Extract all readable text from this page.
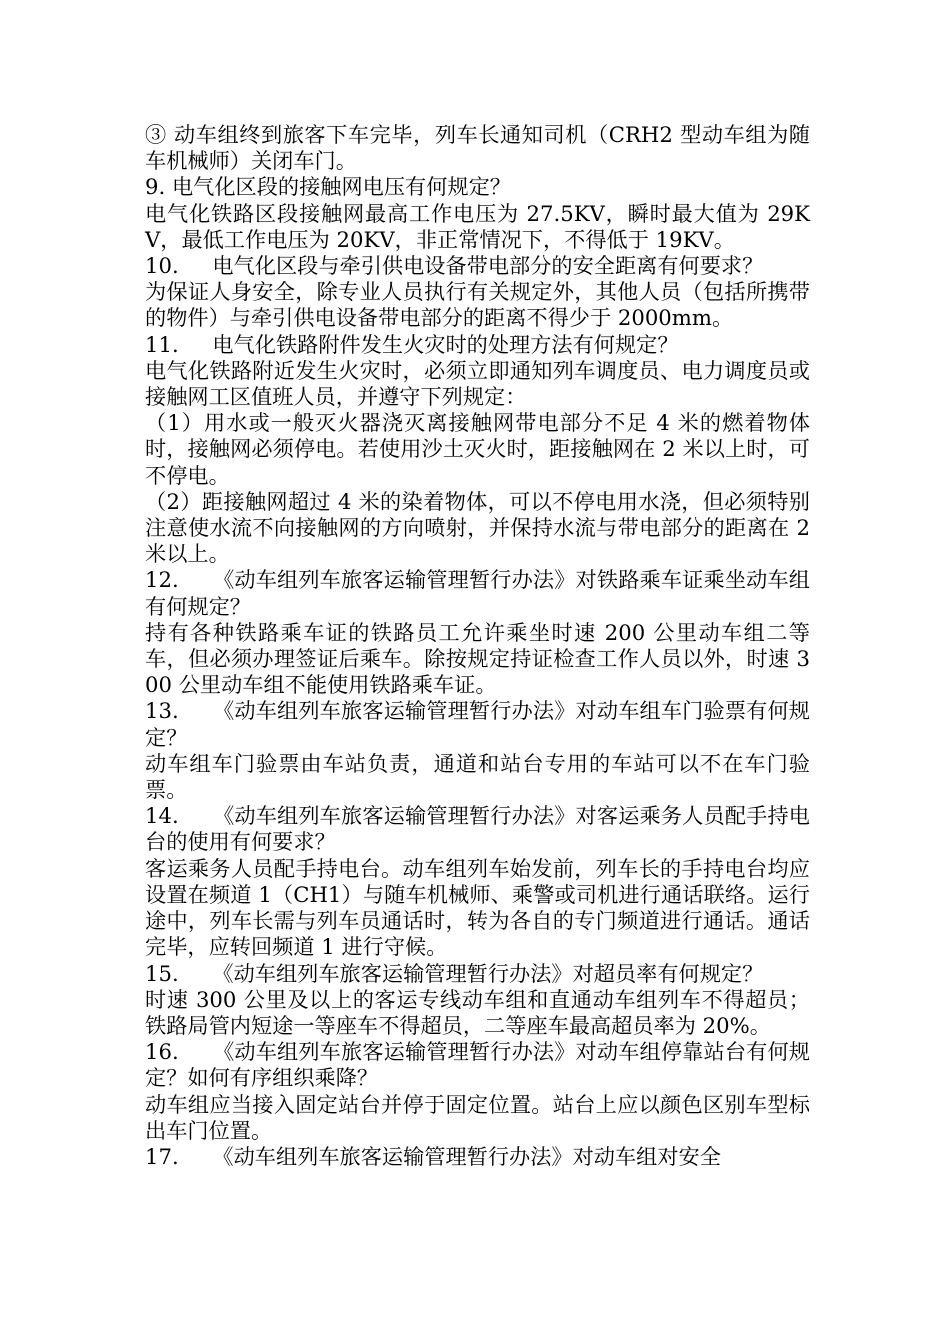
③ 动车组终到旅客下车完毕，列车长通知司机（CRH2 型动车组为随车机械师）关闭车门。

9. 电气化区段的接触网电压有何规定？

电气化铁路区段接触网最高工作电压为 27.5KV，瞬时最大值为 29KV，最低工作电压为 20KV，非正常情况下，不得低于 19KV。

10. 电气化区段与牵引供电设备带电部分的安全距离有何要求？

为保证人身安全，除专业人员执行有关规定外，其他人员（包括所携带的物件）与牵引供电设备带电部分的距离不得少于 2000mm。

11. 电气化铁路附件发生火灾时的处理方法有何规定？

电气化铁路附近发生火灾时，必须立即通知列车调度员、电力调度员或接触网工区值班人员，并遵守下列规定：

（1）用水或一般灭火器浇灭离接触网带电部分不足 4 米的燃着物体时，接触网必须停电。若使用沙土灭火时，距接触网在 2 米以上时，可不停电。

（2）距接触网超过 4 米的染着物体，可以不停电用水浇，但必须特别注意使水流不向接触网的方向喷射，并保持水流与带电部分的距离在 2 米以上。

12. 《动车组列车旅客运输管理暂行办法》对铁路乘车证乘坐动车组有何规定？

持有各种铁路乘车证的铁路员工允许乘坐时速 200 公里动车组二等车，但必须办理签证后乘车。除按规定持证检查工作人员以外，时速 300 公里动车组不能使用铁路乘车证。

13. 《动车组列车旅客运输管理暂行办法》对动车组车门验票有何规定？

动车组车门验票由车站负责，通道和站台专用的车站可以不在车门验票。

14. 《动车组列车旅客运输管理暂行办法》对客运乘务人员配手持电台的使用有何要求？

客运乘务人员配手持电台。动车组列车始发前，列车长的手持电台均应设置在频道 1（CH1）与随车机械师、乘警或司机进行通话联络。运行途中，列车长需与列车员通话时，转为各自的专门频道进行通话。通话完毕，应转回频道 1 进行守候。

15. 《动车组列车旅客运输管理暂行办法》对超员率有何规定？

时速 300 公里及以上的客运专线动车组和直通动车组列车不得超员；铁路局管内短途一等座车不得超员，二等座车最高超员率为 20%。

16. 《动车组列车旅客运输管理暂行办法》对动车组停靠站台有何规定？如何有序组织乘降？

动车组应当接入固定站台并停于固定位置。站台上应以颜色区别车型标出车门位置。

17. 《动车组列车旅客运输管理暂行办法》对动车组对安全
